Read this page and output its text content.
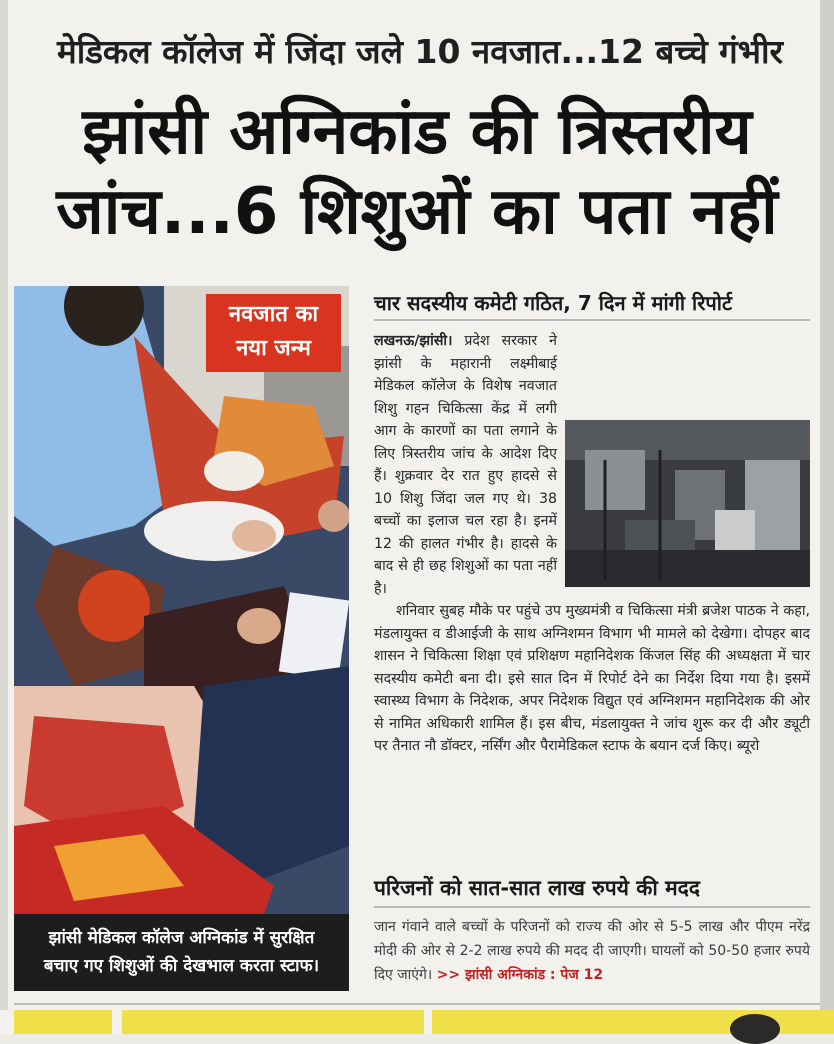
मेडिकल कॉलेज में जिंदा जले 10 नवजात...12 बच्चे गंभीर
झांसी अग्निकांड की त्रिस्तरीय
जांच...6 शिशुओं का पता नहीं
नवजात का
नया जन्म
झांसी मेडिकल कॉलेज अग्निकांड में सुरक्षित
बचाए गए शिशुओं की देखभाल करता स्टाफ।
चार सदस्यीय कमेटी गठित, 7 दिन में मांगी रिपोर्ट
लखनऊ/झांसी। प्रदेश सरकार ने झांसी के महारानी लक्ष्मीबाई मेडिकल कॉलेज के विशेष नवजात शिशु गहन चिकित्सा केंद्र में लगी आग के कारणों का पता लगाने के लिए त्रिस्तरीय जांच के आदेश दिए हैं। शुक्रवार देर रात हुए हादसे से 10 शिशु जिंदा जल गए थे। 38 बच्चों का इलाज चल रहा है। इनमें 12 की हालत गंभीर है। हादसे के बाद से ही छह शिशुओं का पता नहीं है।
शनिवार सुबह मौके पर पहुंचे उप मुख्यमंत्री व चिकित्सा मंत्री ब्रजेश पाठक ने कहा, मंडलायुक्त व डीआईजी के साथ अग्निशमन विभाग भी मामले को देखेगा। दोपहर बाद शासन ने चिकित्सा शिक्षा एवं प्रशिक्षण महानिदेशक किंजल सिंह की अध्यक्षता में चार सदस्यीय कमेटी बना दी। इसे सात दिन में रिपोर्ट देने का निर्देश दिया गया है। इसमें स्वास्थ्य विभाग के निदेशक, अपर निदेशक विद्युत एवं अग्निशमन महानिदेशक की ओर से नामित अधिकारी शामिल हैं। इस बीच, मंडलायुक्त ने जांच शुरू कर दी और ड्यूटी पर तैनात नौ डॉक्टर, नर्सिंग और पैरामेडिकल स्टाफ के बयान दर्ज किए। ब्यूरो
परिजनों को सात-सात लाख रुपये की मदद
जान गंवाने वाले बच्चों के परिजनों को राज्य की ओर से 5-5 लाख और पीएम नरेंद्र मोदी की ओर से 2-2 लाख रुपये की मदद दी जाएगी। घायलों को 50-50 हजार रुपये दिए जाएंगे। >> झांसी अग्निकांड : पेज 12
